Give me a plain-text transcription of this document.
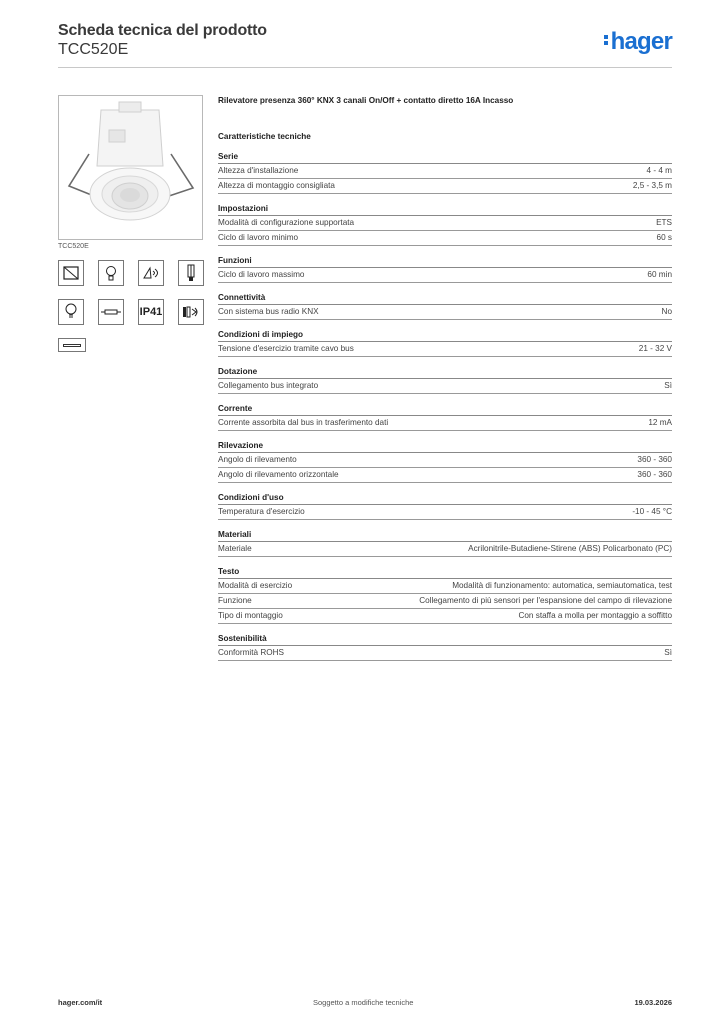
Scheda tecnica del prodotto
TCC520E	hager
TCC520E
IP41
Rilevatore presenza 360° KNX 3 canali On/Off + contatto diretto 16A Incasso
Caratteristiche tecniche
Serie
Altezza d'installazione	4 - 4 m
Altezza di montaggio consigliata	2,5 - 3,5 m
Impostazioni
Modalità di configurazione supportata	ETS
Ciclo di lavoro minimo	60 s
Funzioni
Ciclo di lavoro massimo	60 min
Connettività
Con sistema bus radio KNX	No
Condizioni di impiego
Tensione d'esercizio tramite cavo bus	21 - 32 V
Dotazione
Collegamento bus integrato	Sì
Corrente
Corrente assorbita dal bus in trasferimento dati	12 mA
Rilevazione
Angolo di rilevamento	360 - 360
Angolo di rilevamento orizzontale	360 - 360
Condizioni d'uso
Temperatura d'esercizio	-10 - 45 °C
Materiali
Materiale	Acrilonitrile-Butadiene-Stirene (ABS) Policarbonato (PC)
Testo
Modalità di esercizio	Modalità di funzionamento: automatica, semiautomatica, test
Funzione	Collegamento di più sensori per l'espansione del campo di rilevazione
Tipo di montaggio	Con staffa a molla per montaggio a soffitto
Sostenibilità
Conformità ROHS	Sì
hager.com/it	Soggetto a modifiche tecniche	19.03.2026
